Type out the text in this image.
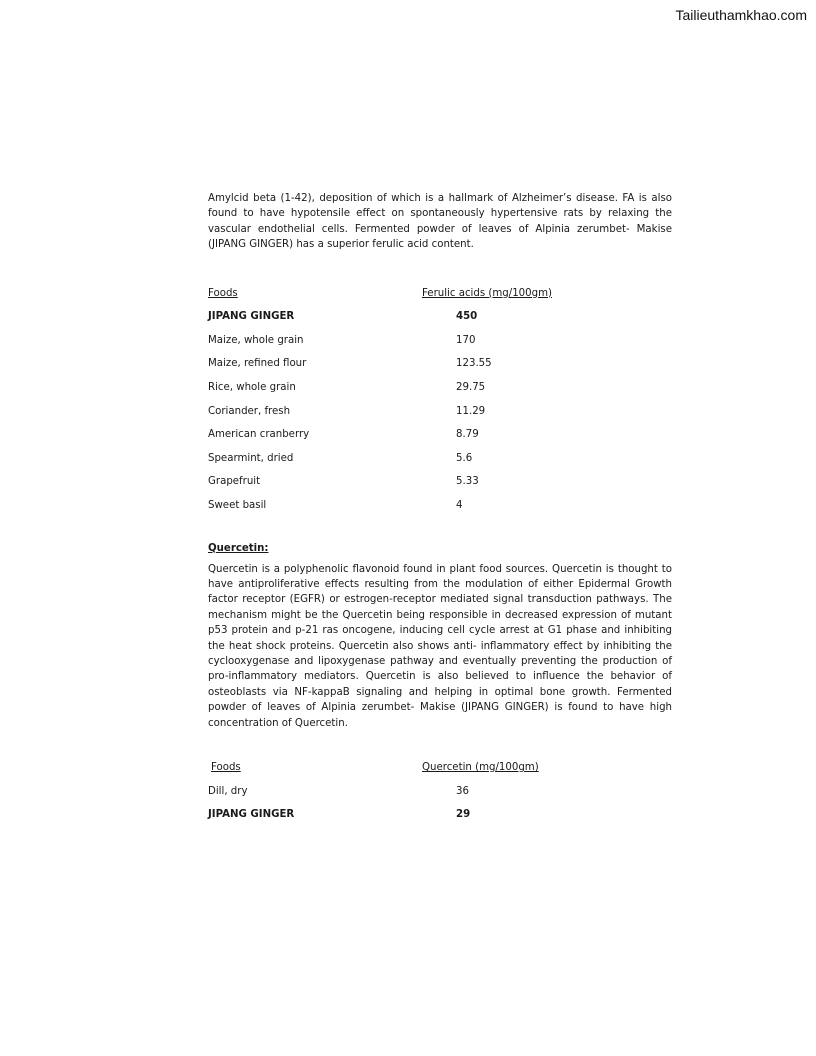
Tailieuthamkhao.com

Amylcid beta (1-42), deposition of which is a hallmark of Alzheimer’s disease. FA is also found to have hypotensile effect on spontaneously hypertensive rats by relaxing the vascular endothelial cells. Fermented powder of leaves of Alpinia zerumbet- Makise (JIPANG GINGER) has a superior ferulic acid content.

Foods	Ferulic acids (mg/100gm)
JIPANG GINGER	450
Maize, whole grain	170
Maize, refined flour	123.55
Rice, whole grain	29.75
Coriander, fresh	11.29
American cranberry	8.79
Spearmint, dried	5.6
Grapefruit	5.33
Sweet basil	4

Quercetin:

Quercetin is a polyphenolic flavonoid found in plant food sources. Quercetin is thought to have antiproliferative effects resulting from the modulation of either Epidermal Growth factor receptor (EGFR) or estrogen-receptor mediated signal transduction pathways. The mechanism might be the Quercetin being responsible in decreased expression of mutant p53 protein and p-21 ras oncogene, inducing cell cycle arrest at G1 phase and inhibiting the heat shock proteins. Quercetin also shows anti- inflammatory effect by inhibiting the cyclooxygenase and lipoxygenase pathway and eventually preventing the production of pro-inflammatory mediators. Quercetin is also believed to influence the behavior of osteoblasts via NF-kappaB signaling and helping in optimal bone growth. Fermented powder of leaves of Alpinia zerumbet- Makise (JIPANG GINGER) is found to have high concentration of Quercetin.

Foods	Quercetin (mg/100gm)
Dill, dry	36
JIPANG GINGER	29
